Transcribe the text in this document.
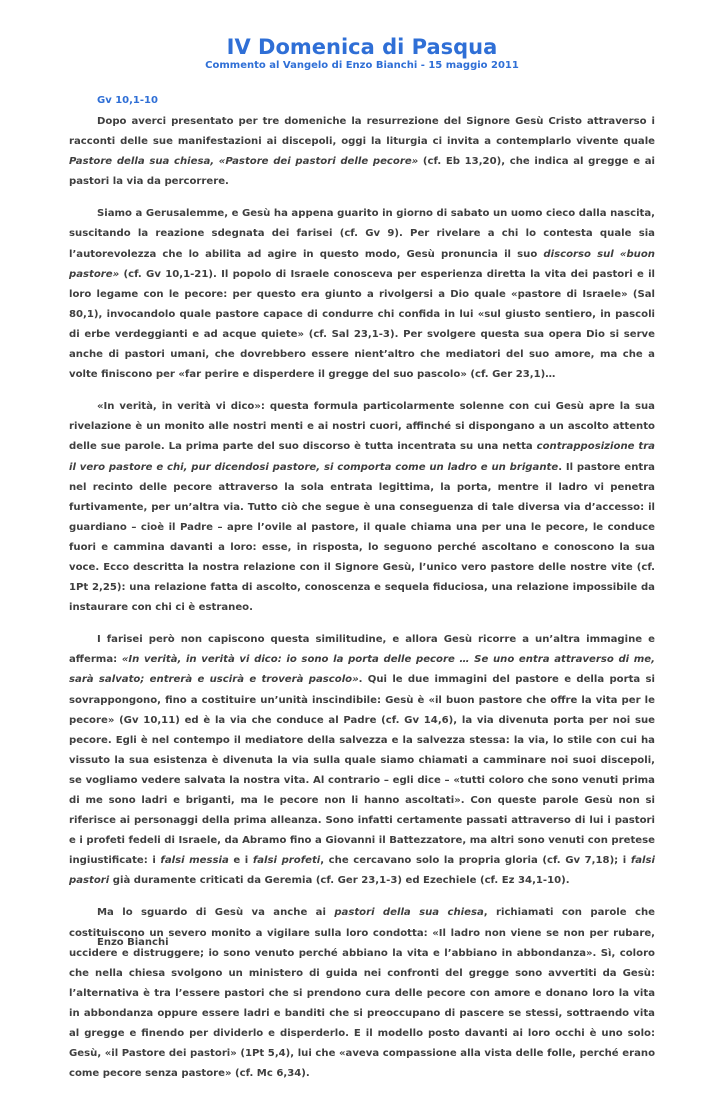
IV Domenica di Pasqua

Commento al Vangelo di Enzo Bianchi - 15 maggio 2011

Gv 10,1-10

Dopo averci presentato per tre domeniche la resurrezione del Signore Gesù Cristo attraverso i racconti delle sue manifestazioni ai discepoli, oggi la liturgia ci invita a contemplarlo vivente quale Pastore della sua chiesa, «Pastore dei pastori delle pecore» (cf. Eb 13,20), che indica al gregge e ai pastori la via da percorrere.

Siamo a Gerusalemme, e Gesù ha appena guarito in giorno di sabato un uomo cieco dalla nascita, suscitando la reazione sdegnata dei farisei (cf. Gv 9). Per rivelare a chi lo contesta quale sia l’autorevolezza che lo abilita ad agire in questo modo, Gesù pronuncia il suo discorso sul «buon pastore» (cf. Gv 10,1-21). Il popolo di Israele conosceva per esperienza diretta la vita dei pastori e il loro legame con le pecore: per questo era giunto a rivolgersi a Dio quale «pastore di Israele» (Sal 80,1), invocandolo quale pastore capace di condurre chi confida in lui «sul giusto sentiero, in pascoli di erbe verdeggianti e ad acque quiete» (cf. Sal 23,1-3). Per svolgere questa sua opera Dio si serve anche di pastori umani, che dovrebbero essere nient’altro che mediatori del suo amore, ma che a volte finiscono per «far perire e disperdere il gregge del suo pascolo» (cf. Ger 23,1)…

«In verità, in verità vi dico»: questa formula particolarmente solenne con cui Gesù apre la sua rivelazione è un monito alle nostri menti e ai nostri cuori, affinché si dispongano a un ascolto attento delle sue parole. La prima parte del suo discorso è tutta incentrata su una netta contrapposizione tra il vero pastore e chi, pur dicendosi pastore, si comporta come un ladro e un brigante. Il pastore entra nel recinto delle pecore attraverso la sola entrata legittima, la porta, mentre il ladro vi penetra furtivamente, per un’altra via. Tutto ciò che segue è una conseguenza di tale diversa via d’accesso: il guardiano – cioè il Padre – apre l’ovile al pastore, il quale chiama una per una le pecore, le conduce fuori e cammina davanti a loro: esse, in risposta, lo seguono perché ascoltano e conoscono la sua voce. Ecco descritta la nostra relazione con il Signore Gesù, l’unico vero pastore delle nostre vite (cf. 1Pt 2,25): una relazione fatta di ascolto, conoscenza e sequela fiduciosa, una relazione impossibile da instaurare con chi ci è estraneo.

I farisei però non capiscono questa similitudine, e allora Gesù ricorre a un’altra immagine e afferma: «In verità, in verità vi dico: io sono la porta delle pecore … Se uno entra attraverso di me, sarà salvato; entrerà e uscirà e troverà pascolo». Qui le due immagini del pastore e della porta si sovrappongono, fino a costituire un’unità inscindibile: Gesù è «il buon pastore che offre la vita per le pecore» (Gv 10,11) ed è la via che conduce al Padre (cf. Gv 14,6), la via divenuta porta per noi sue pecore. Egli è nel contempo il mediatore della salvezza e la salvezza stessa: la via, lo stile con cui ha vissuto la sua esistenza è divenuta la via sulla quale siamo chiamati a camminare noi suoi discepoli, se vogliamo vedere salvata la nostra vita. Al contrario – egli dice – «tutti coloro che sono venuti prima di me sono ladri e briganti, ma le pecore non li hanno ascoltati». Con queste parole Gesù non si riferisce ai personaggi della prima alleanza. Sono infatti certamente passati attraverso di lui i pastori e i profeti fedeli di Israele, da Abramo fino a Giovanni il Battezzatore, ma altri sono venuti con pretese ingiustificate: i falsi messia e i falsi profeti, che cercavano solo la propria gloria (cf. Gv 7,18); i falsi pastori già duramente criticati da Geremia (cf. Ger 23,1-3) ed Ezechiele (cf. Ez 34,1-10).

Ma lo sguardo di Gesù va anche ai pastori della sua chiesa, richiamati con parole che costituiscono un severo monito a vigilare sulla loro condotta: «Il ladro non viene se non per rubare, uccidere e distruggere; io sono venuto perché abbiano la vita e l’abbiano in abbondanza». Sì, coloro che nella chiesa svolgono un ministero di guida nei confronti del gregge sono avvertiti da Gesù: l’alternativa è tra l’essere pastori che si prendono cura delle pecore con amore e donano loro la vita in abbondanza oppure essere ladri e banditi che si preoccupano di pascere se stessi, sottraendo vita al gregge e finendo per dividerlo e disperderlo. E il modello posto davanti ai loro occhi è uno solo: Gesù, «il Pastore dei pastori» (1Pt 5,4), lui che «aveva compassione alla vista delle folle, perché erano come pecore senza pastore» (cf. Mc 6,34).

Enzo Bianchi
